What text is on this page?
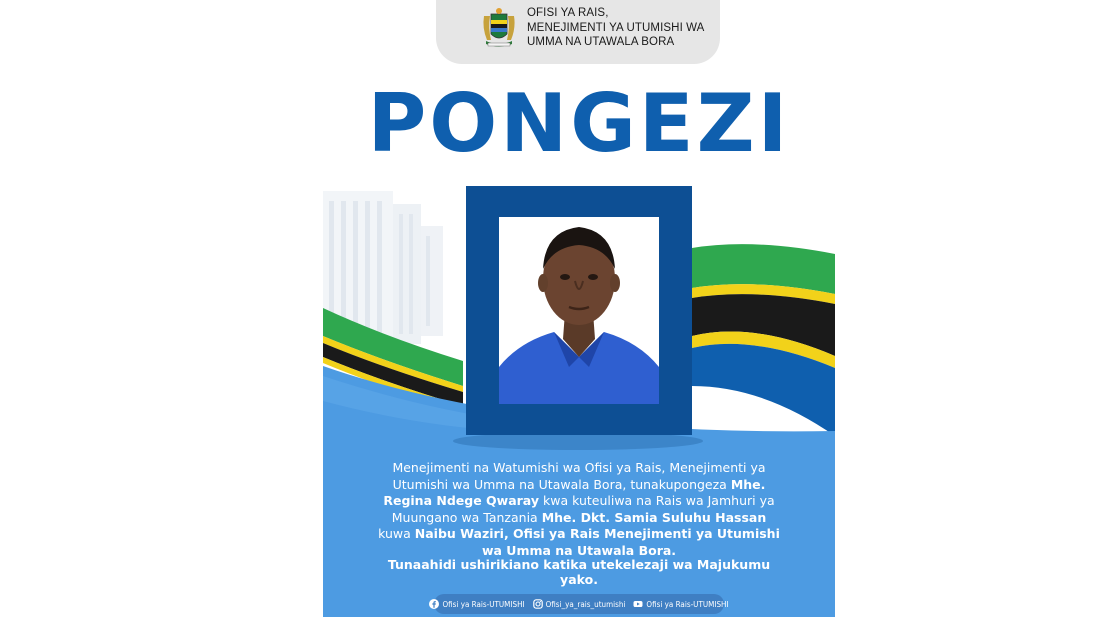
OFISI YA RAIS,
MENEJIMENTI YA UTUMISHI WA
UMMA NA UTAWALA BORA
PONGEZI
Menejimenti na Watumishi wa Ofisi ya Rais, Menejimenti ya Utumishi wa Umma na Utawala Bora, tunakupongeza Mhe. Regina Ndege Qwaray kwa kuteuliwa na Rais wa Jamhuri ya Muungano wa Tanzania Mhe. Dkt. Samia Suluhu Hassan kuwa Naibu Waziri, Ofisi ya Rais Menejimenti ya Utumishi wa Umma na Utawala Bora.
Tunaahidi ushirikiano katika utekelezaji wa Majukumu yako.
Ofisi ya Rais-UTUMISHI	Ofisi_ya_rais_utumishi	Ofisi ya Rais-UTUMISHI
